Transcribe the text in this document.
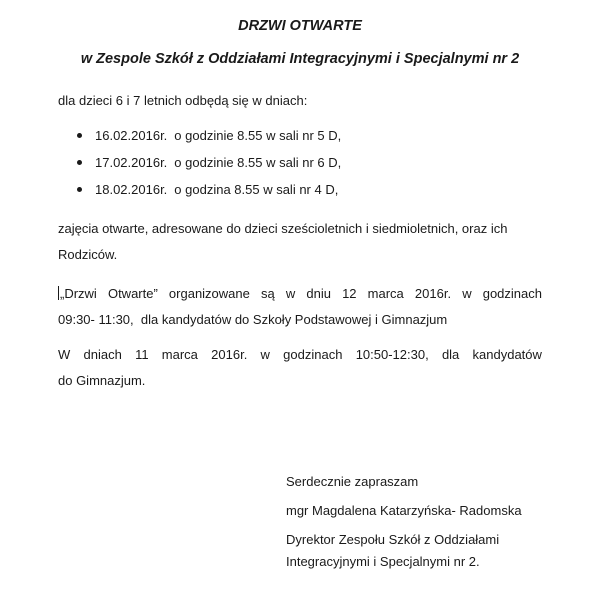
DRZWI OTWARTE
w Zespole Szkół z Oddziałami Integracyjnymi i Specjalnymi nr 2
dla dzieci 6 i 7 letnich odbędą się w dniach:
16.02.2016r. o godzinie 8.55 w sali nr 5 D,
17.02.2016r. o godzinie 8.55 w sali nr 6 D,
18.02.2016r. o godzina 8.55 w sali nr 4 D,
zajęcia otwarte, adresowane do dzieci sześcioletnich i siedmioletnich, oraz ich
Rodziców.
„Drzwi Otwarte” organizowane są w dniu 12 marca 2016r. w godzinach
09:30- 11:30,  dla kandydatów do Szkoły Podstawowej i Gimnazjum
W dniach 11 marca 2016r. w godzinach 10:50-12:30, dla kandydatów
do Gimnazjum.
Serdecznie zapraszam
mgr Magdalena Katarzyńska- Radomska
Dyrektor Zespołu Szkół z Oddziałami
Integracyjnymi i Specjalnymi nr 2.
